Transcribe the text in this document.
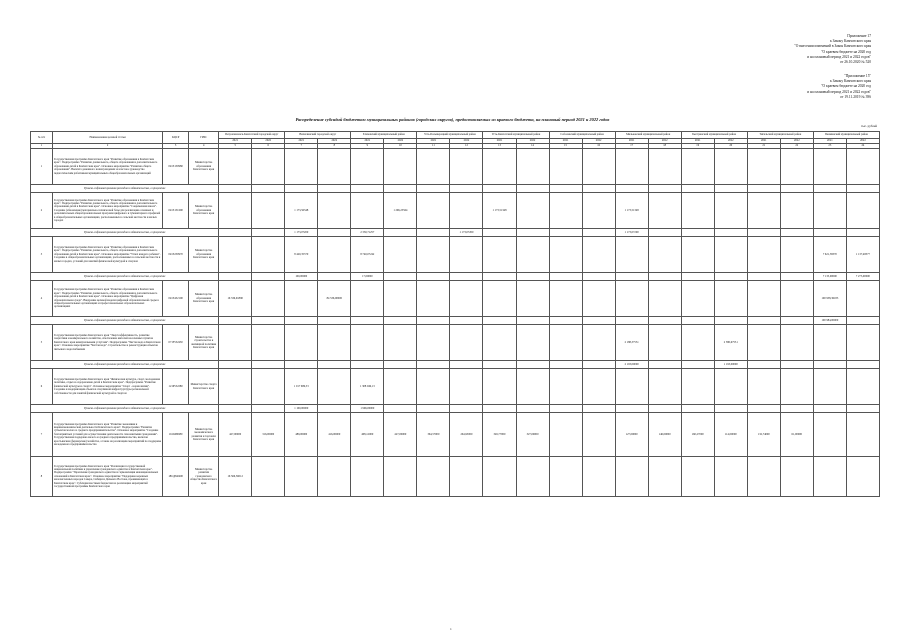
Приложение 17
к Закону Камчатского края
"О внесении изменений в Закон Камчатского края
"О краевом бюджете на 2020 год
и на плановый период 2021 и 2022 годов"
от 26.10.2020 № 520
"Приложение 15"
к Закону Камчатского края
"О краевом бюджете на 2020 год
и на плановый период 2021 и 2022 годов"
от 19.11.2019 № 396
Распределение субсидий бюджетам муниципальных районов (городских округов), предоставляемых из краевого бюджета, на плановый период 2021 и 2022 годов
тыс. рублей
№ п/п	Наименование целевой статьи	КЦСР	ГРБС	Петропавловск-Камчатский городской округ		Вилючинский городской округ		Елизовский муниципальный район		Усть-Большерецкий муниципальный район		Усть-Камчатский муниципальный район		Соболевский муниципальный район		Мильковский муниципальный район		Быстринский муниципальный район		Тигильский муниципальный район		Пенжинский муниципальный район	
				2021	2022	2021	2022	2021	2022	2021	2022	2021	2022	2021	2022	2021	2022	2021	2022	2021	2022	2021	2022
1	2	3	4	5	6	7	8	9	10	11	12	13	14	15	16	17	18	19	20	21	22	23	24
1	Государственная программа Камчатского края "Развитие образования в Камчатском крае". Подпрограмма "Развитие дошкольного, общего образования и дополнительного образования детей в Камчатском крае". Основное мероприятие "Развитие общего образования". Выплата денежного вознаграждения за классное руководство педагогическим работникам муниципальных общеобразовательных организаций	021E150980	Министерство образования Камчатского края																				
Уровень софинансирования расходного обязательства, в процентах																							
2	Государственная программа Камчатского края "Развитие образования в Камчатском крае". Подпрограмма "Развитие дошкольного, общего образования и дополнительного образования детей в Камчатском крае". Основное мероприятие "Современная школа". Создание (обновление) материально-технической базы для реализации основных и дополнительных общеобразовательных программ цифрового и гуманитарного профилей в общеобразовательных организациях, расположенных в сельской местности и малых городах	021E151690	Министерство образования Камчатского края			1 173,56348			1 296,25564			1 173,51348				1 173,51348							
Уровень софинансирования расходного обязательства, в процентах						1 173,07200		2 330,71257			1 173,07200					1 173,07200							
3	Государственная программа Камчатского края "Развитие образования в Камчатском крае". Подпрограмма "Развитие дошкольного, общего образования и дополнительного образования детей в Камчатском крае". Основное мероприятие "Успех каждого ребенка". Создание в общеобразовательных организациях, расположенных в сельской местности и малых городах, условий для занятий физической культурой и спортом	021E250970	Министерство образования Камчатского края			8 420,35370		8 740,07242														7 621,58370	1 137,48377
Уровень софинансирования расходного обязательства, в процентах						100,00000		17,00000														7 135,00000	7 273,00000
4	Государственная программа Камчатского края "Развитие образования в Камчатском крае". Подпрограмма "Развитие дошкольного, общего образования и дополнительного образования детей в Камчатском крае". Основное мероприятие "Цифровая образовательная среда". Внедрение целевой модели цифровой образовательной среды в общеобразовательных организациях и профессиональных образовательных организациях	021E452100	Министерство образования Камчатского края	16 336,91890			84 536,00000															100 958,36183	
Уровень софинансирования расходного обязательства, в процентах																						100 984,00000	
5	Государственная программа Камчатского края "Энергоэффективность, развитие энергетики и коммунального хозяйства, обеспечение жителей населенных пунктов Камчатского края коммунальными услугами". Подпрограмма "Чистая вода в Камчатском крае". Основное мероприятие "Чистая вода". Строительство и реконструкция объектов питьевого водоснабжения	071F552430	Министерство строительства и жилищной политики Камчатского края													2 188,37551			2 580,67551				
Уровень софинансирования расходного обязательства, в процентах																2 193,00000			1 193,00000				
6	Государственная программа Камчатского края "Физическая культура, спорт, молодежная политика, отдых и оздоровление детей в Камчатском крае". Подпрограмма "Развитие физической культуры и спорта". Основное мероприятие "Спорт - норма жизни". Создание и модернизация объектов спортивной инфраструктуры региональной собственности для занятий физической культурой и спортом	121P552280	Министерство спорта Камчатского края			1 017 689,53		1 308 049,13															
Уровень софинансирования расходного обязательства, в процентах						1 100,00000		1 996,00000															
7	Государственная программа Камчатского края "Развитие экономики и внешнеэкономической деятельности Камчатского края". Подпрограмма "Развитие субъектов малого и среднего предпринимательства". Основное мероприятие "Создание благоприятных условий для осуществления деятельности самозанятыми гражданами". Государственная поддержка малого и среднего предпринимательства, включая крестьянские (фермерские) хозяйства, а также на реализацию мероприятий по поддержке молодежного предпринимательства	161I480980	Министерство экономического развития и торговли Камчатского края	427,00000	316,00000	489,00000	416,00000	408,12000	427,00000	364,57000	264,93000	326,77000	327,00000			127,00000	146,00000	160,27000	114,00000	132,74000	61,00000		
8	Государственная программа Камчатского края "Реализация государственной национальной политики и укрепление гражданского единства в Камчатском крае". Подпрограмма "Укрепление гражданского единства и гармонизация межнациональных отношений в Камчатском крае". Основное мероприятие "Поддержка коренных малочисленных народов Севера, Сибири и Дальнего Востока, проживающих в Камчатском крае". Субсидии местным бюджетам на реализацию мероприятий государственной программы Камчатского края	181Q840400	Министерство развития гражданского общества Камчатского края	16 566,56012																			
1
